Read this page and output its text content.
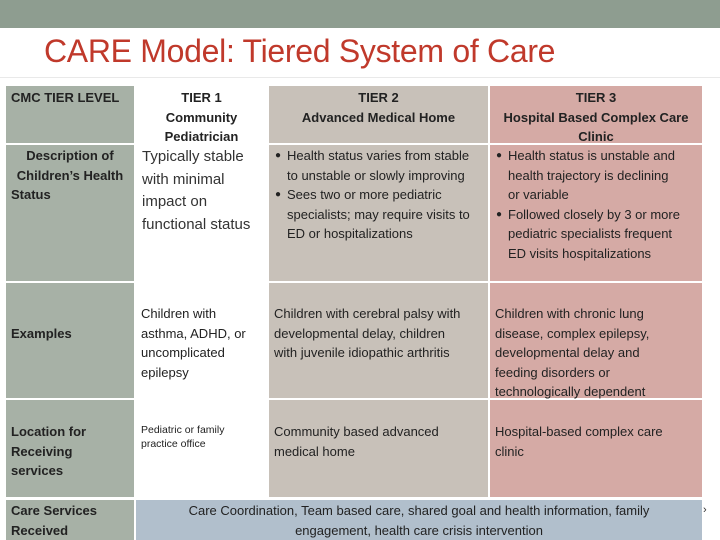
CARE Model: Tiered System of Care
CMC TIER LEVEL	TIER 1
Community
Pediatrician
TIER 2
Advanced Medical Home
TIER 3
Hospital Based Complex Care
Clinic
Description of
Children’s Health
Status
Typically stable
with minimal
impact on
functional status
● Health status varies from stable
to unstable or slowly improving
● Sees two or more pediatric
specialists; may require visits to
ED or hospitalizations
● Health status is unstable and
health trajectory is declining
or variable
● Followed closely by 3 or more
pediatric specialists frequent
ED visits hospitalizations
Examples
Children with
asthma, ADHD, or
uncomplicated
epilepsy
Children with cerebral palsy with
developmental delay, children
with juvenile idiopathic arthritis
Children with chronic lung
disease, complex epilepsy,
developmental delay and
feeding disorders or
technologically dependent
Location for
Receiving
services
Pediatric or family
practice office
Community based advanced
medical home
Hospital-based complex care
clinic
Care Services
Received
Care Coordination, Team based care, shared goal and health information, family
engagement, health care crisis intervention
›
